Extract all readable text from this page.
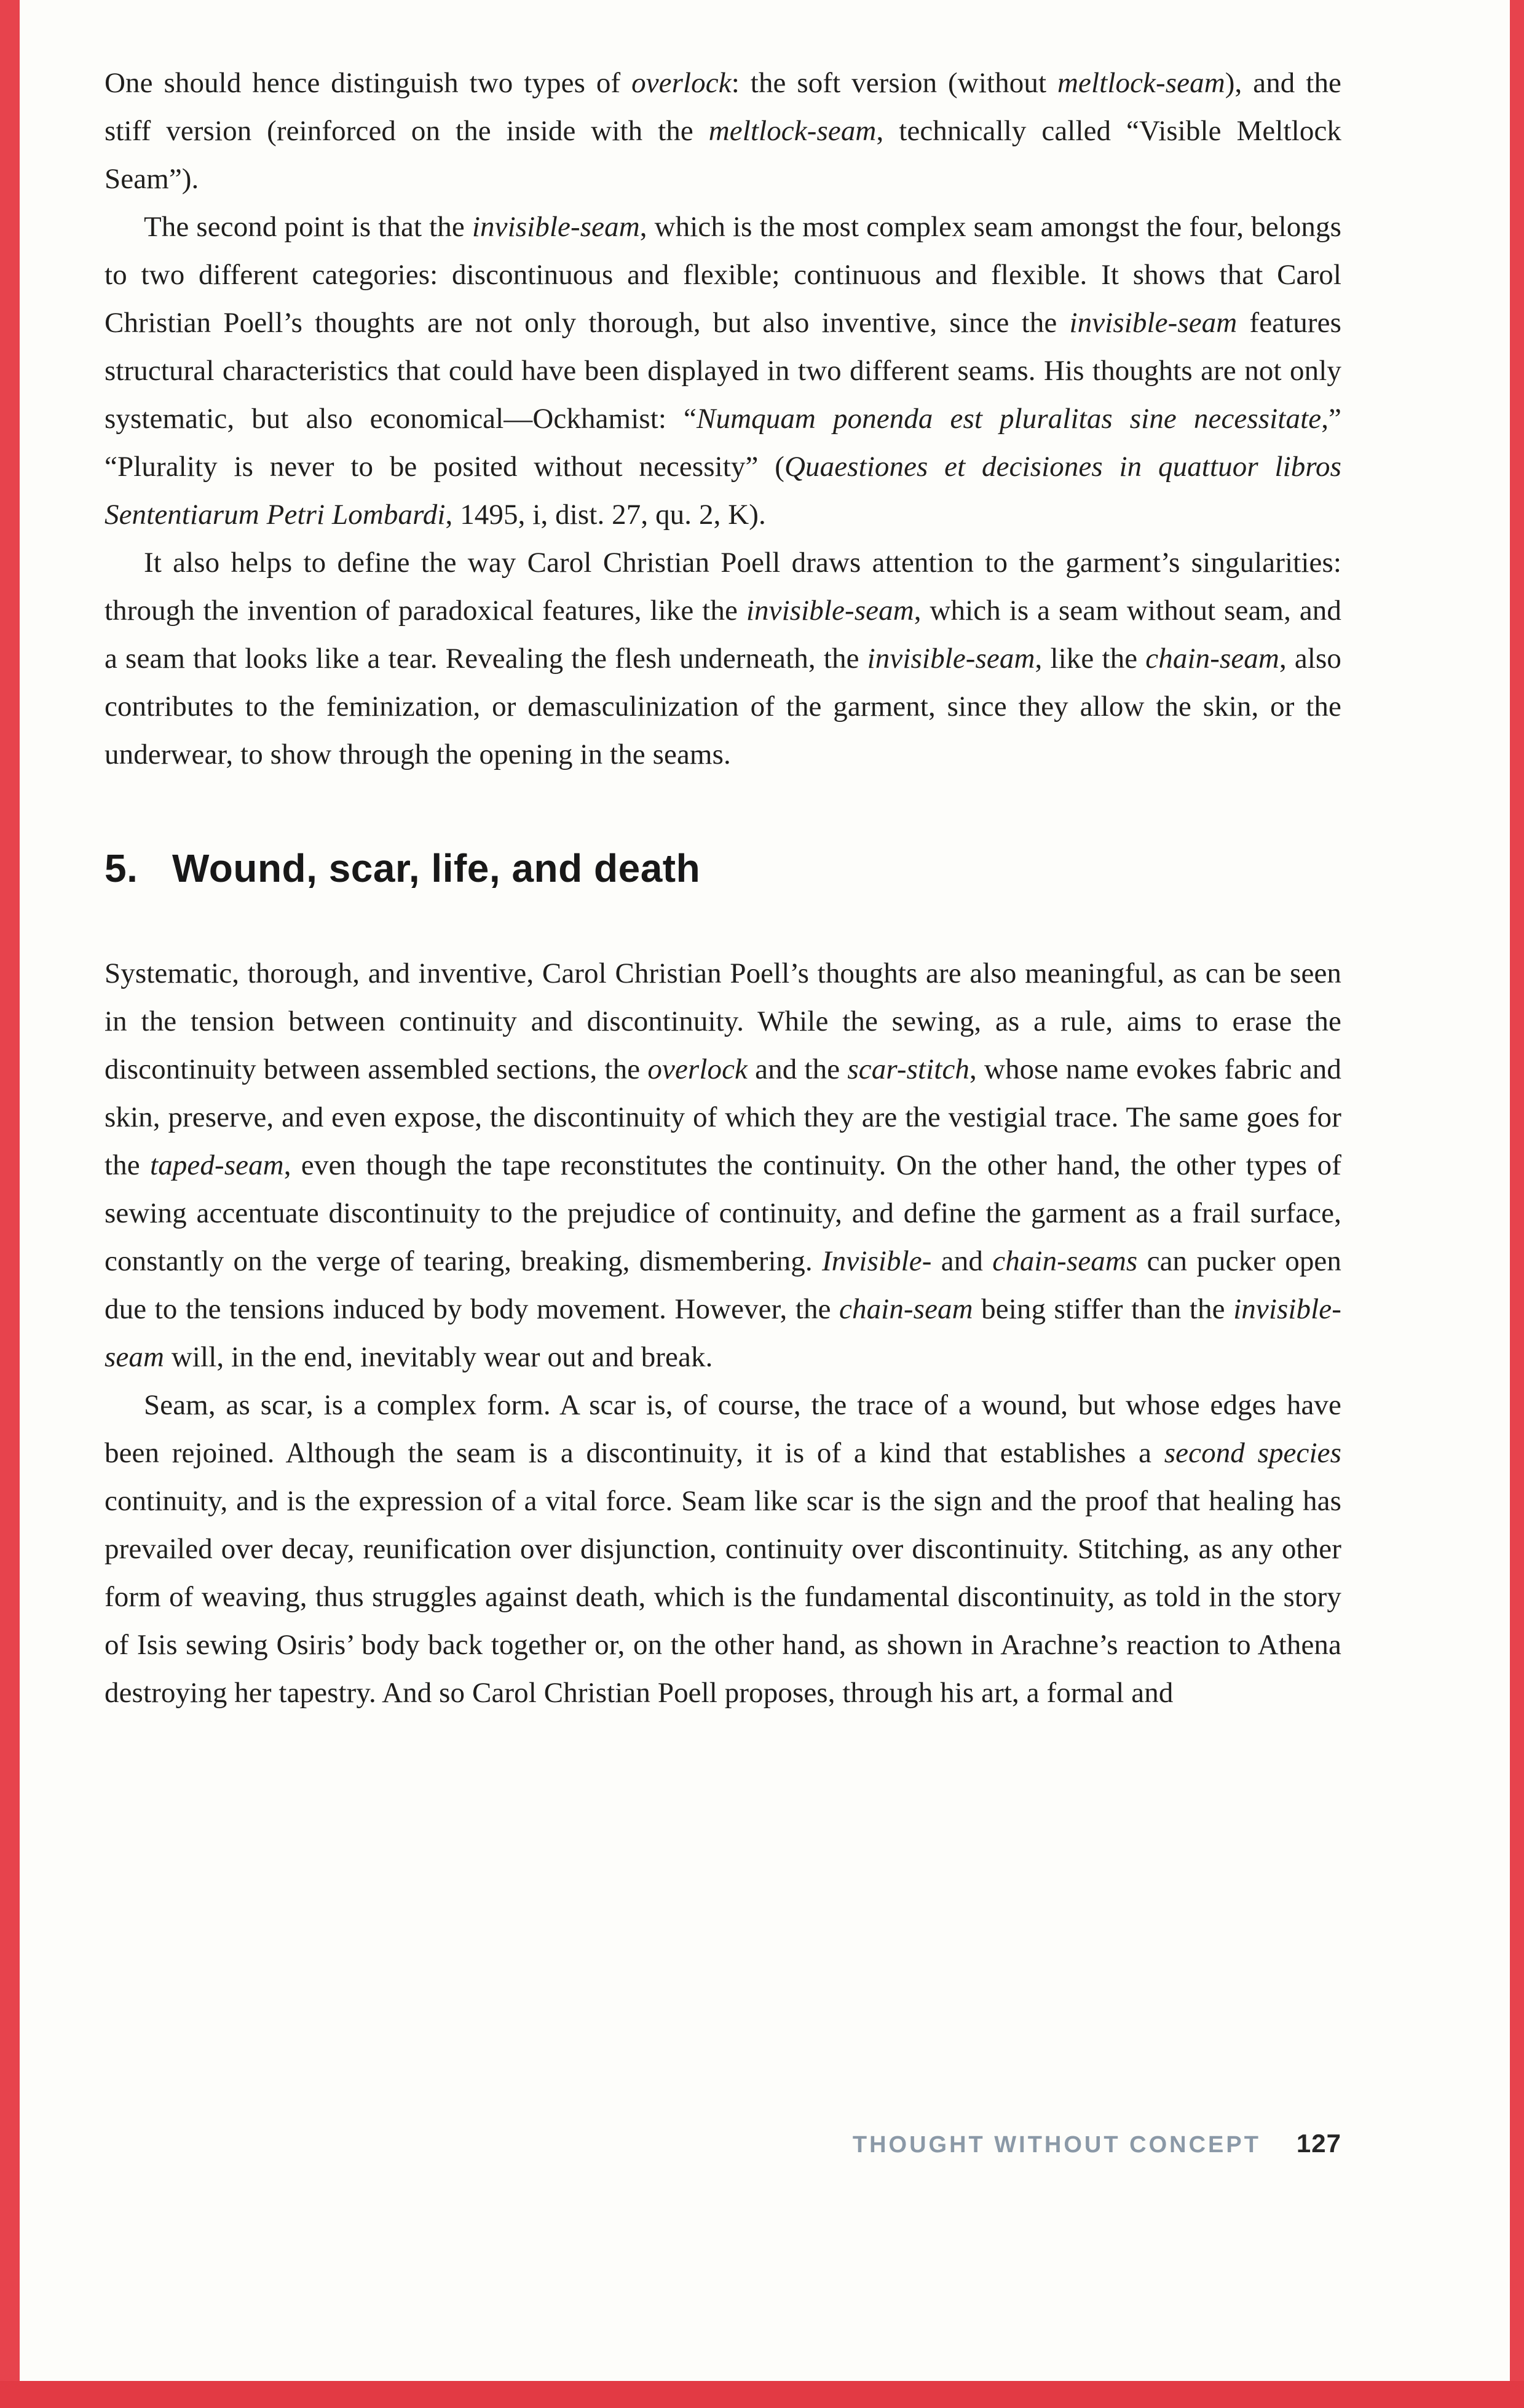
One should hence distinguish two types of overlock: the soft version (without meltlock-seam), and the stiff version (reinforced on the inside with the meltlock-seam, technically called “Visible Meltlock Seam”).

The second point is that the invisible-seam, which is the most complex seam amongst the four, belongs to two different categories: discontinuous and flexible; continuous and flexible. It shows that Carol Christian Poell’s thoughts are not only thorough, but also inventive, since the invisible-seam features structural characteristics that could have been displayed in two different seams. His thoughts are not only systematic, but also economical—Ockhamist: “Numquam ponenda est pluralitas sine necessitate,” “Plurality is never to be posited without necessity” (Quaestiones et decisiones in quattuor libros Sententiarum Petri Lombardi, 1495, i, dist. 27, qu. 2, K).

It also helps to define the way Carol Christian Poell draws attention to the garment’s singularities: through the invention of paradoxical features, like the invisible-seam, which is a seam without seam, and a seam that looks like a tear. Revealing the flesh underneath, the invisible-seam, like the chain-seam, also contributes to the feminization, or demasculinization of the garment, since they allow the skin, or the underwear, to show through the opening in the seams.

5. Wound, scar, life, and death

Systematic, thorough, and inventive, Carol Christian Poell’s thoughts are also meaningful, as can be seen in the tension between continuity and discontinuity. While the sewing, as a rule, aims to erase the discontinuity between assembled sections, the overlock and the scar-stitch, whose name evokes fabric and skin, preserve, and even expose, the discontinuity of which they are the vestigial trace. The same goes for the taped-seam, even though the tape reconstitutes the continuity. On the other hand, the other types of sewing accentuate discontinuity to the prejudice of continuity, and define the garment as a frail surface, constantly on the verge of tearing, breaking, dismembering. Invisible- and chain-seams can pucker open due to the tensions induced by body movement. However, the chain-seam being stiffer than the invisible-seam will, in the end, inevitably wear out and break.

Seam, as scar, is a complex form. A scar is, of course, the trace of a wound, but whose edges have been rejoined. Although the seam is a discontinuity, it is of a kind that establishes a second species continuity, and is the expression of a vital force. Seam like scar is the sign and the proof that healing has prevailed over decay, reunification over disjunction, continuity over discontinuity. Stitching, as any other form of weaving, thus struggles against death, which is the fundamental discontinuity, as told in the story of Isis sewing Osiris’ body back together or, on the other hand, as shown in Arachne’s reaction to Athena destroying her tapestry. And so Carol Christian Poell proposes, through his art, a formal and

THOUGHT WITHOUT CONCEPT 127
